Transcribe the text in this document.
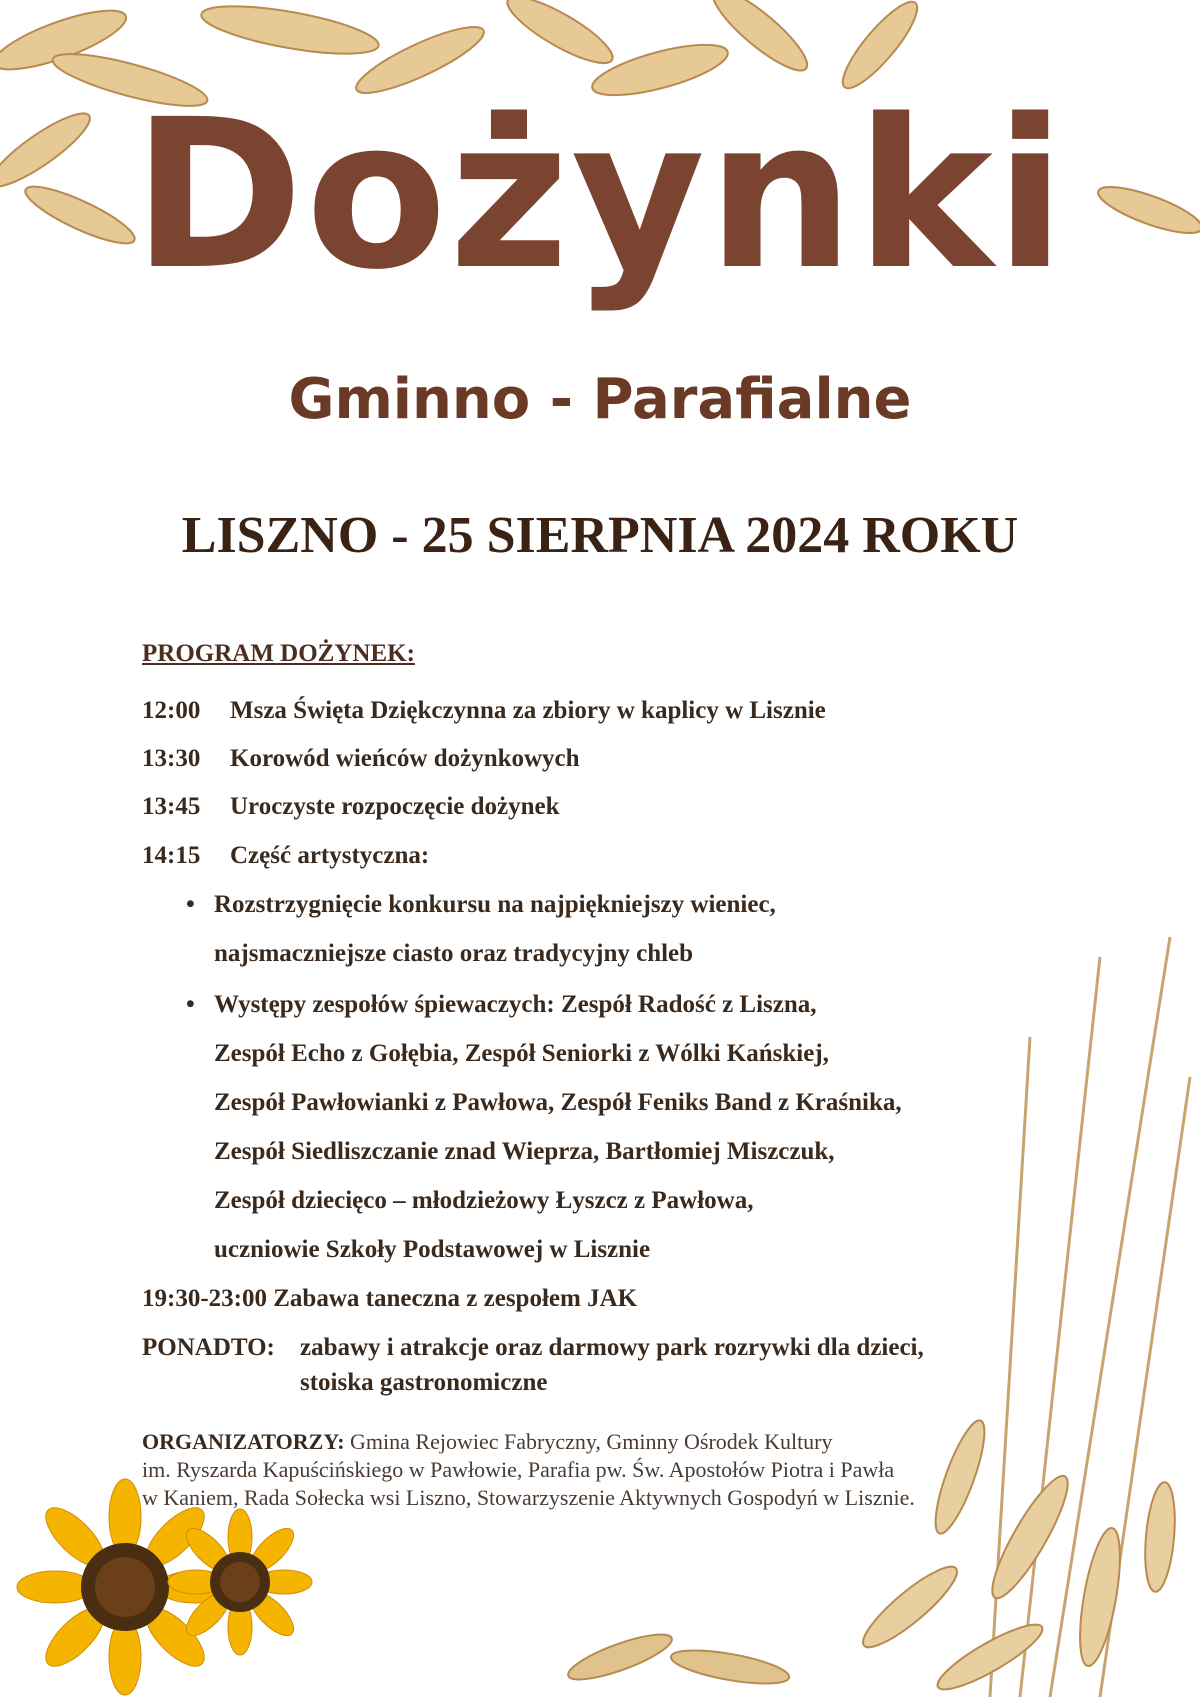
Dożynki
Gminno - Parafialne
LISZNO - 25 SIERPNIA 2024 ROKU
PROGRAM DOŻYNEK:
12:00 Msza Święta Dziękczynna za zbiory w kaplicy w Lisznie
13:30 Korowód wieńców dożynkowych
13:45 Uroczyste rozpoczęcie dożynek
14:15 Część artystyczna:
• Rozstrzygnięcie konkursu na najpiękniejszy wieniec,
najsmaczniejsze ciasto oraz tradycyjny chleb
• Występy zespołów śpiewaczych: Zespół Radość z Liszna,
Zespół Echo z Gołębia, Zespół Seniorki z Wólki Kańskiej,
Zespół Pawłowianki z Pawłowa, Zespół Feniks Band z Kraśnika,
Zespół Siedliszczanie znad Wieprza, Bartłomiej Miszczuk,
Zespół dziecięco – młodzieżowy Łyszcz z Pawłowa,
uczniowie Szkoły Podstawowej w Lisznie
19:30-23:00 Zabawa taneczna z zespołem JAK
PONADTO: zabawy i atrakcje oraz darmowy park rozrywki dla dzieci,
stoiska gastronomiczne
ORGANIZATORZY: Gmina Rejowiec Fabryczny, Gminny Ośrodek Kultury
im. Ryszarda Kapuścińskiego w Pawłowie, Parafia pw. Św. Apostołów Piotra i Pawła
w Kaniem, Rada Sołecka wsi Liszno, Stowarzyszenie Aktywnych Gospodyń w Lisznie.
